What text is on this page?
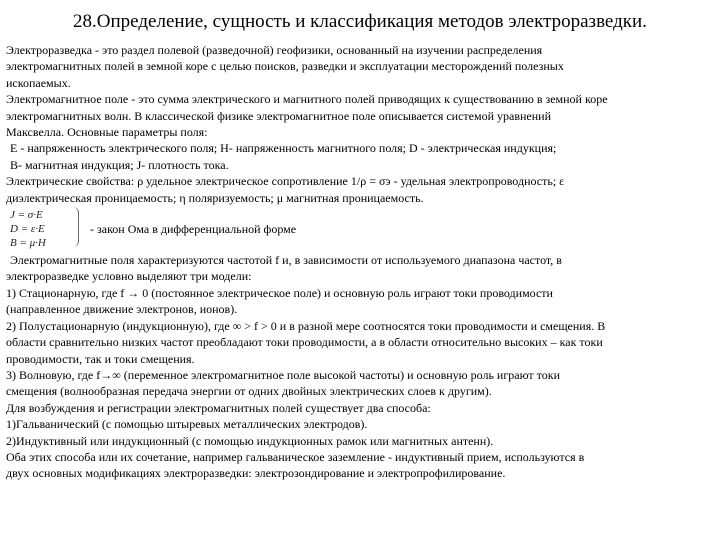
28.Определение, сущность и классификация методов электроразведки.

Электроразведка - это раздел полевой (разведочной) геофизики, основанный на изучении распределения

электромагнитных полей в земной коре с целью поисков, разведки и эксплуатации месторождений полезных

ископаемых.

Электромагнитное поле - это сумма электрического и магнитного полей приводящих к существованию в земной коре

электромагнитных волн. В классической физике электромагнитное поле описывается системой уравнений

Максвелла. Основные параметры поля:

E - напряженность электрического поля; H- напряженность магнитного поля; D - электрическая индукция;

B- магнитная индукция; J- плотность тока.

Электрические свойства: ρ удельное электрическое сопротивление 1/ρ = σэ - удельная электропроводность; ε

диэлектрическая проницаемость; η поляризуемость; μ магнитная проницаемость.

J = σ·E
D = ε·E
B = μ·H
- закон Ома в дифференциальной форме

Электромагнитные поля характеризуются частотой f и, в зависимости от используемого диапазона частот, в

электроразведке условно выделяют три модели:

1) Стационарную, где f → 0 (постоянное электрическое поле) и основную роль играют токи проводимости

(направленное движение электронов, ионов).

2) Полустационарную (индукционную), где ∞ > f > 0 и в разной мере соотносятся токи проводимости и смещения. В

области сравнительно низких частот преобладают токи проводимости, а в области относительно высоких – как токи

проводимости, так и токи смещения.

3) Волновую, где f→∞ (переменное электромагнитное поле высокой частоты) и основную роль играют токи

смещения (волнообразная передача энергии от одних двойных электрических слоев к другим).

Для возбуждения и регистрации электромагнитных полей существует два способа:

1)Гальванический (с помощью штыревых металлических электродов).

2)Индуктивный или индукционный (с помощью индукционных рамок или магнитных антенн).

Оба этих способа или их сочетание, например гальваническое заземление - индуктивный прием, используются в

двух основных модификациях электроразведки: электрозондирование и электропрофилирование.
